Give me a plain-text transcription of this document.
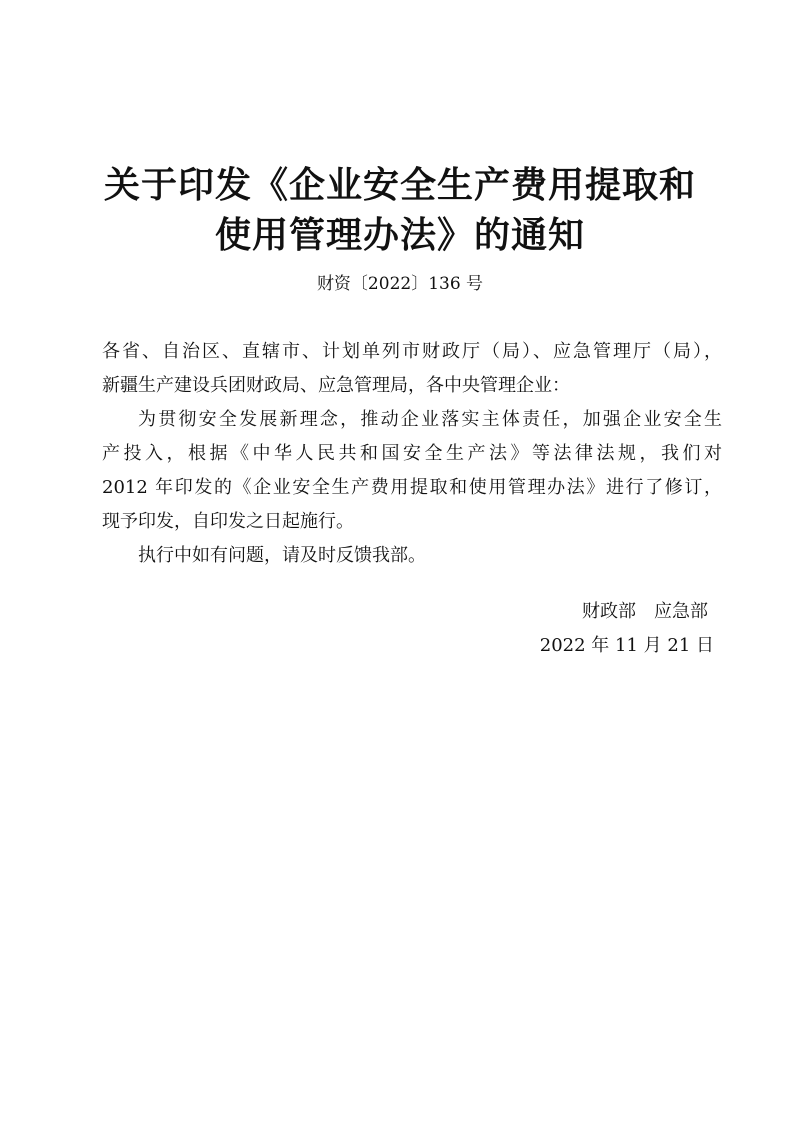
关于印发《企业安全生产费用提取和
使用管理办法》的通知
财资〔2022〕136 号
各省、自治区、直辖市、计划单列市财政厅（局）、应急管理厅（局），
新疆生产建设兵团财政局、应急管理局，各中央管理企业：
为贯彻安全发展新理念，推动企业落实主体责任，加强企业安全生
产投入，根据《中华人民共和国安全生产法》等法律法规，我们对
2012 年印发的《企业安全生产费用提取和使用管理办法》进行了修订，
现予印发，自印发之日起施行。
执行中如有问题，请及时反馈我部。
财政部　应急部
2022 年 11 月 21 日
